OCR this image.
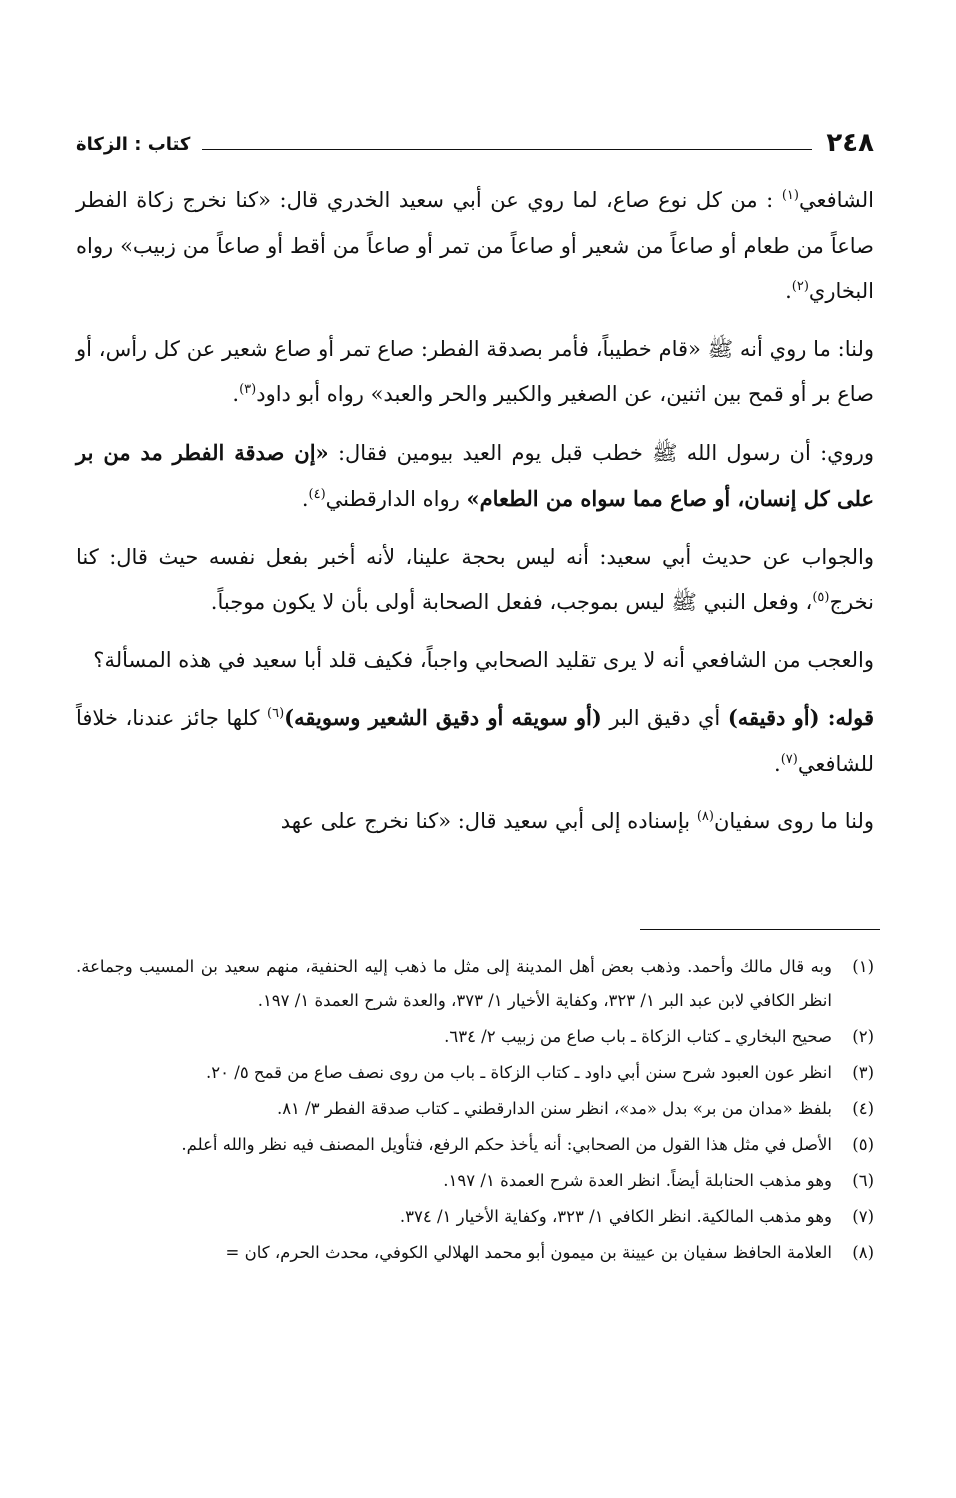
٢٤٨
كتاب : الزكاة

الشافعي$^{(١)}$ : من كل نوع صاع، لما روي عن أبي سعيد الخدري قال: «كنا نخرج زكاة الفطر صاعاً من طعام أو صاعاً من شعير أو صاعاً من تمر أو صاعاً من أقط أو صاعاً من زبيب» رواه البخاري$^{(٢)}$.

ولنا: ما روي أنه ﷺ «قام خطيباً، فأمر بصدقة الفطر: صاع تمر أو صاع شعير عن كل رأس، أو صاع بر أو قمح بين اثنين، عن الصغير والكبير والحر والعبد» رواه أبو داود$^{(٣)}$.

وروي: أن رسول الله ﷺ خطب قبل يوم العيد بيومين فقال: «إن صدقة الفطر مد من بر على كل إنسان، أو صاع مما سواه من الطعام» رواه الدارقطني$^{(٤)}$.

والجواب عن حديث أبي سعيد: أنه ليس بحجة علينا، لأنه أخبر بفعل نفسه حيث قال: كنا نخرج$^{(٥)}$، وفعل النبي ﷺ ليس بموجب، ففعل الصحابة أولى بأن لا يكون موجباً.

والعجب من الشافعي أنه لا يرى تقليد الصحابي واجباً، فكيف قلد أبا سعيد في هذه المسألة؟

قوله: (أو دقيقه) أي دقيق البر (أو سويقه أو دقيق الشعير وسويقه)$^{(٦)}$ كلها جائز عندنا، خلافاً للشافعي$^{(٧)}$.

ولنا ما روى سفيان$^{(٨)}$ بإسناده إلى أبي سعيد قال: «كنا نخرج على عهد

(١)
وبه قال مالك وأحمد. وذهب بعض أهل المدينة إلى مثل ما ذهب إليه الحنفية، منهم سعيد بن المسيب وجماعة. انظر الكافي لابن عبد البر ١/ ٣٢٣، وكفاية الأخيار ١/ ٣٧٣، والعدة شرح العمدة ١/ ١٩٧.
(٢)
صحيح البخاري ـ كتاب الزكاة ـ باب صاع من زبيب ٢/ ٦٣٤.
(٣)
انظر عون العبود شرح سنن أبي داود ـ كتاب الزكاة ـ باب من روى نصف صاع من قمح ٥/ ٢٠.
(٤)
بلفظ «مدان من بر» بدل «مد»، انظر سنن الدارقطني ـ كتاب صدقة الفطر ٣/ ٨١.
(٥)
الأصل في مثل هذا القول من الصحابي: أنه يأخذ حكم الرفع، فتأويل المصنف فيه نظر والله أعلم.
(٦)
وهو مذهب الحنابلة أيضاً. انظر العدة شرح العمدة ١/ ١٩٧.
(٧)
وهو مذهب المالكية. انظر الكافي ١/ ٣٢٣، وكفاية الأخيار ١/ ٣٧٤.
(٨)
العلامة الحافظ سفيان بن عيينة بن ميمون أبو محمد الهلالي الكوفي، محدث الحرم، كان =
